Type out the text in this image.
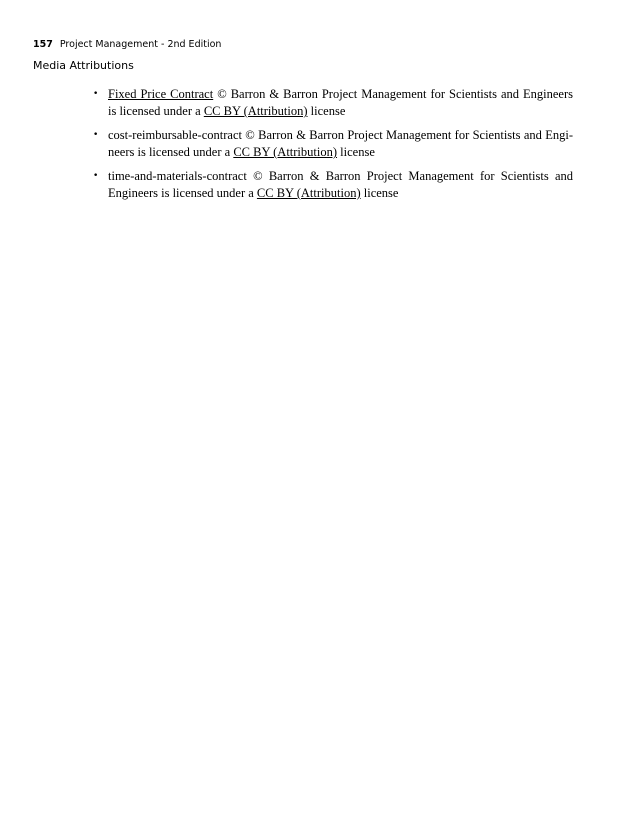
157 Project Management - 2nd Edition
Media Attributions
• Fixed Price Contract © Barron & Barron Project Management for Scientists and Engineers is licensed under a CC BY (Attribution) license
• cost-reimbursable-contract © Barron & Barron Project Management for Scientists and Engineers is licensed under a CC BY (Attribution) license
• time-and-materials-contract © Barron & Barron Project Management for Scientists and Engineers is licensed under a CC BY (Attribution) license
